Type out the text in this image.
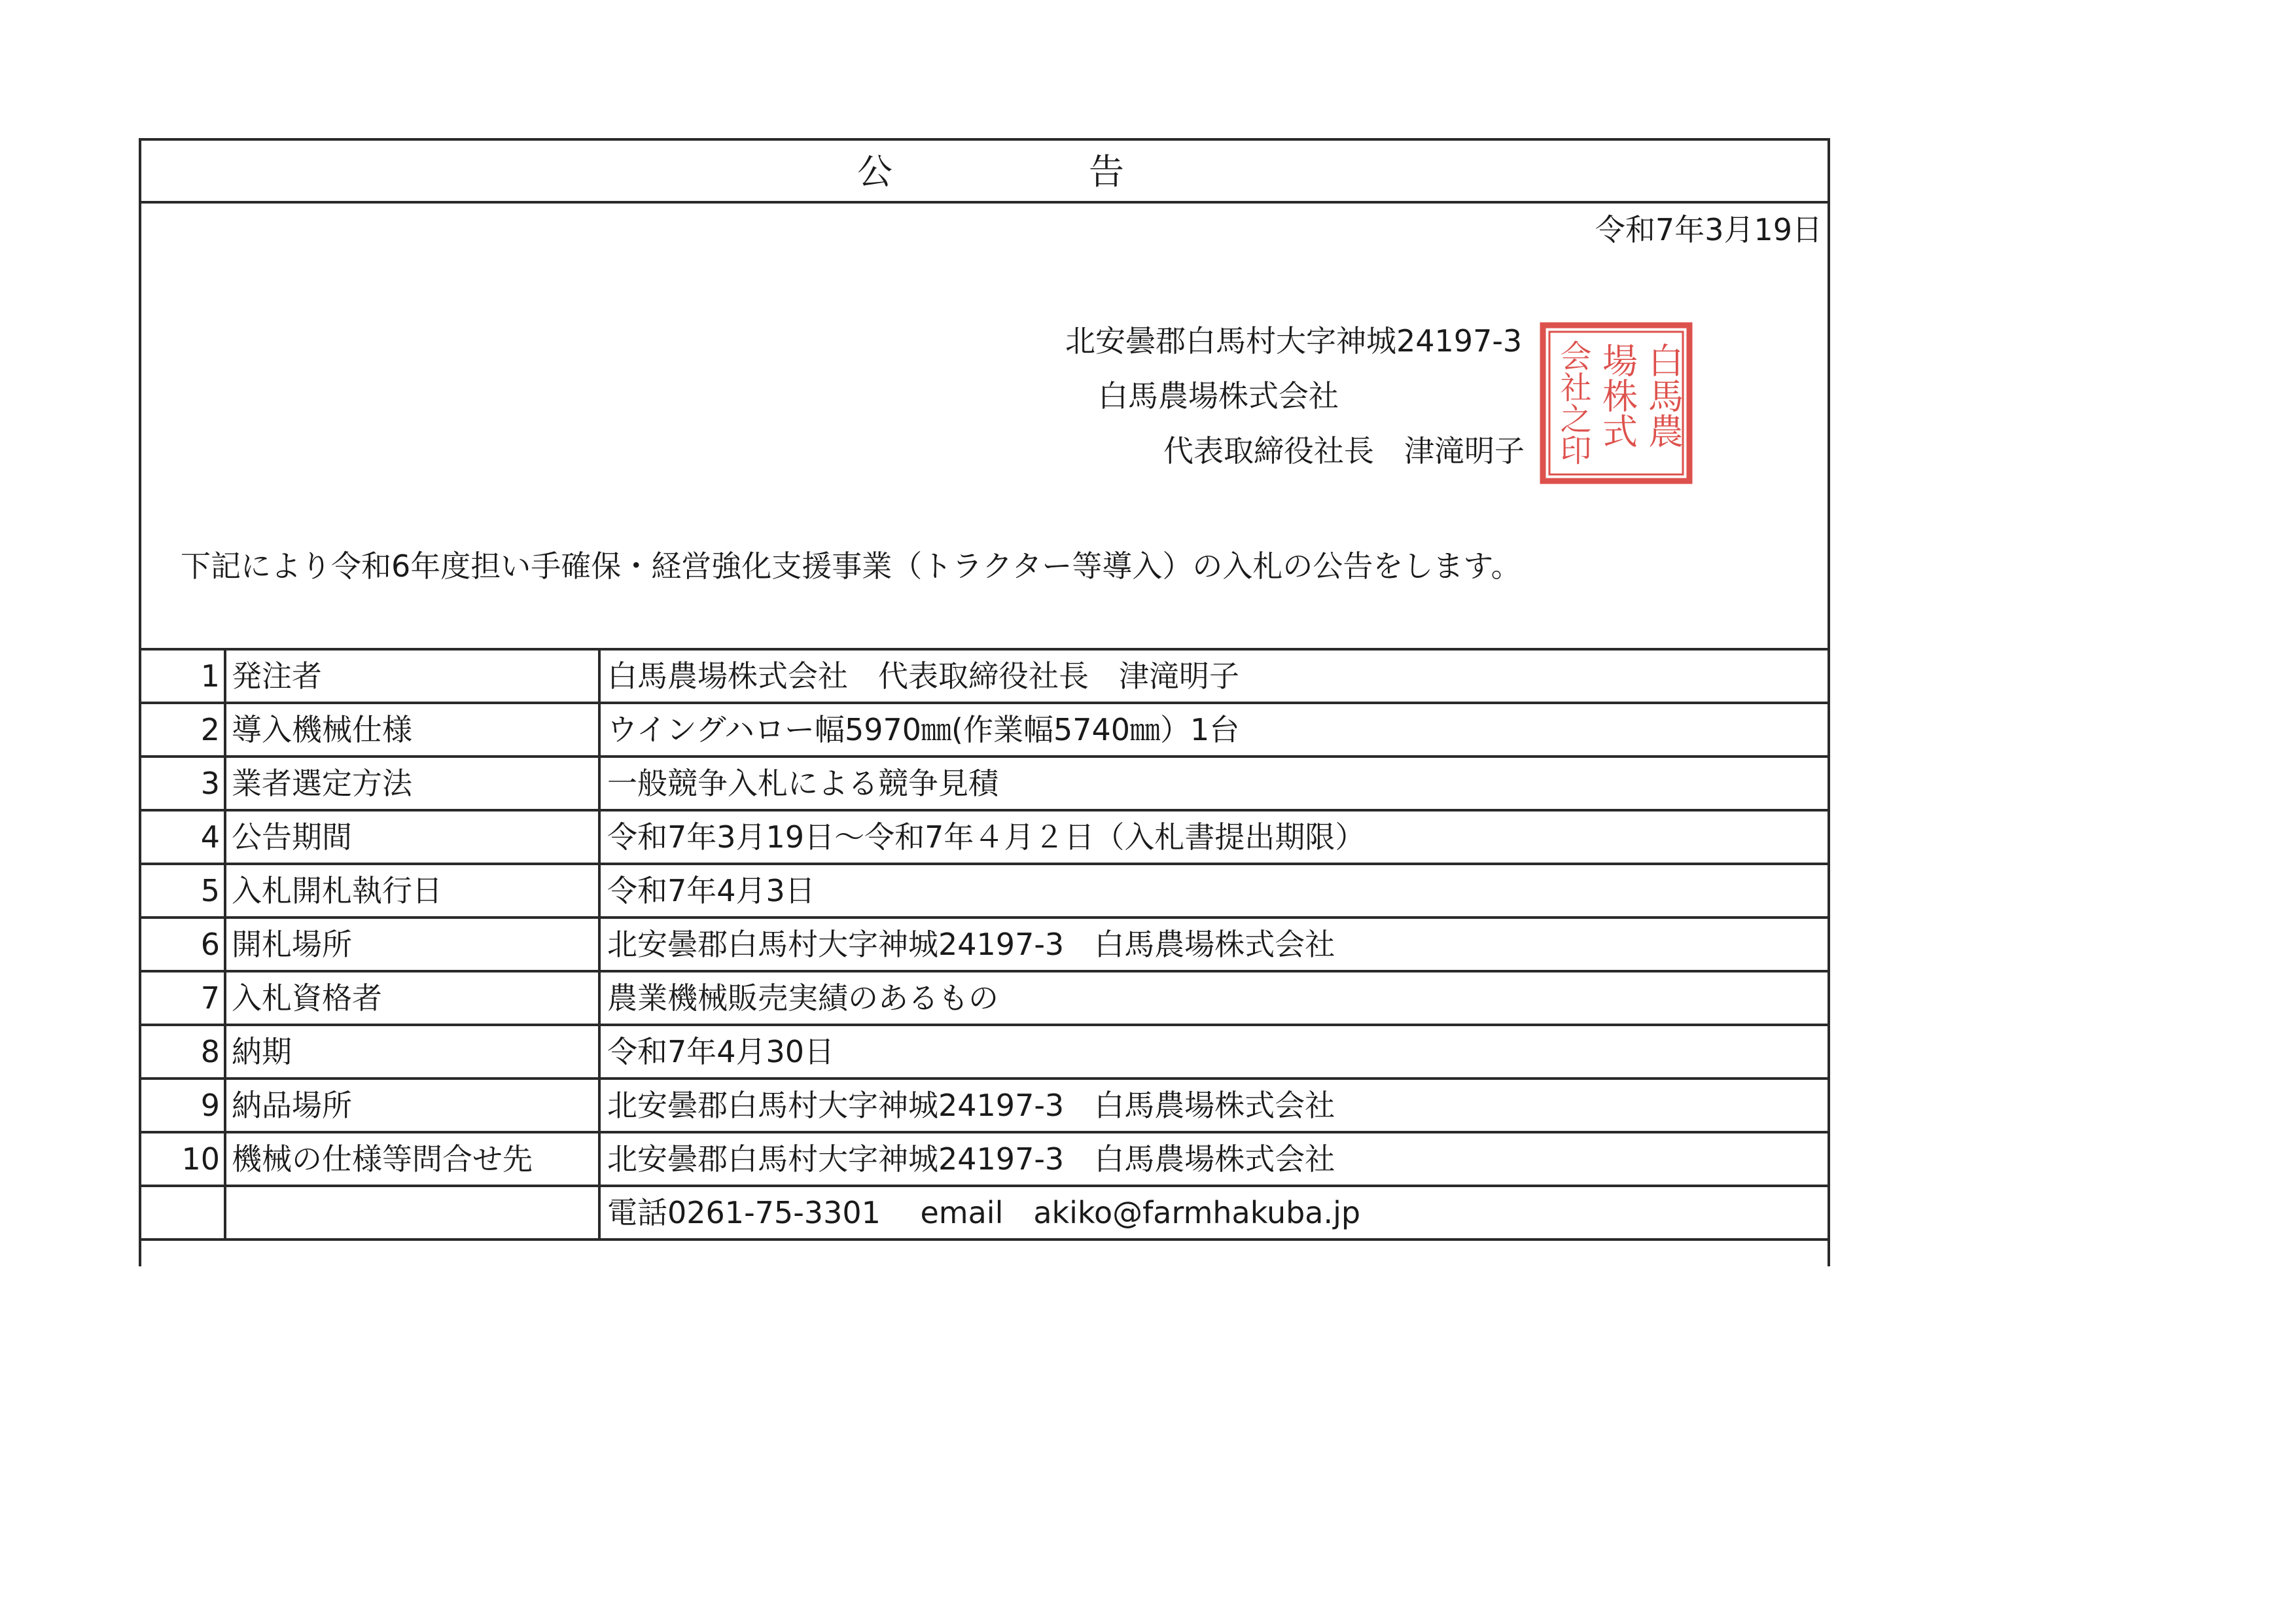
公	告
令和7年3月19日
北安曇郡白馬村大字神城24197-3
白馬農場株式会社
代表取締役社長　津滝明子
白馬農
場株式
会社之印
下記により令和6年度担い手確保・経営強化支援事業（トラクター等導入）の入札の公告をします。
1	発注者	白馬農場株式会社　代表取締役社長　津滝明子
2	導入機械仕様	ウイングハロー幅5970㎜(作業幅5740㎜）1台
3	業者選定方法	一般競争入札による競争見積
4	公告期間	令和7年3月19日～令和7年４月２日（入札書提出期限）
5	入札開札執行日	令和7年4月3日
6	開札場所	北安曇郡白馬村大字神城24197-3　白馬農場株式会社
7	入札資格者	農業機械販売実績のあるもの
8	納期	令和7年4月30日
9	納品場所	北安曇郡白馬村大字神城24197-3　白馬農場株式会社
10	機械の仕様等問合せ先	北安曇郡白馬村大字神城24197-3　白馬農場株式会社
		電話0261-75-3301　 email　akiko@farmhakuba.jp
